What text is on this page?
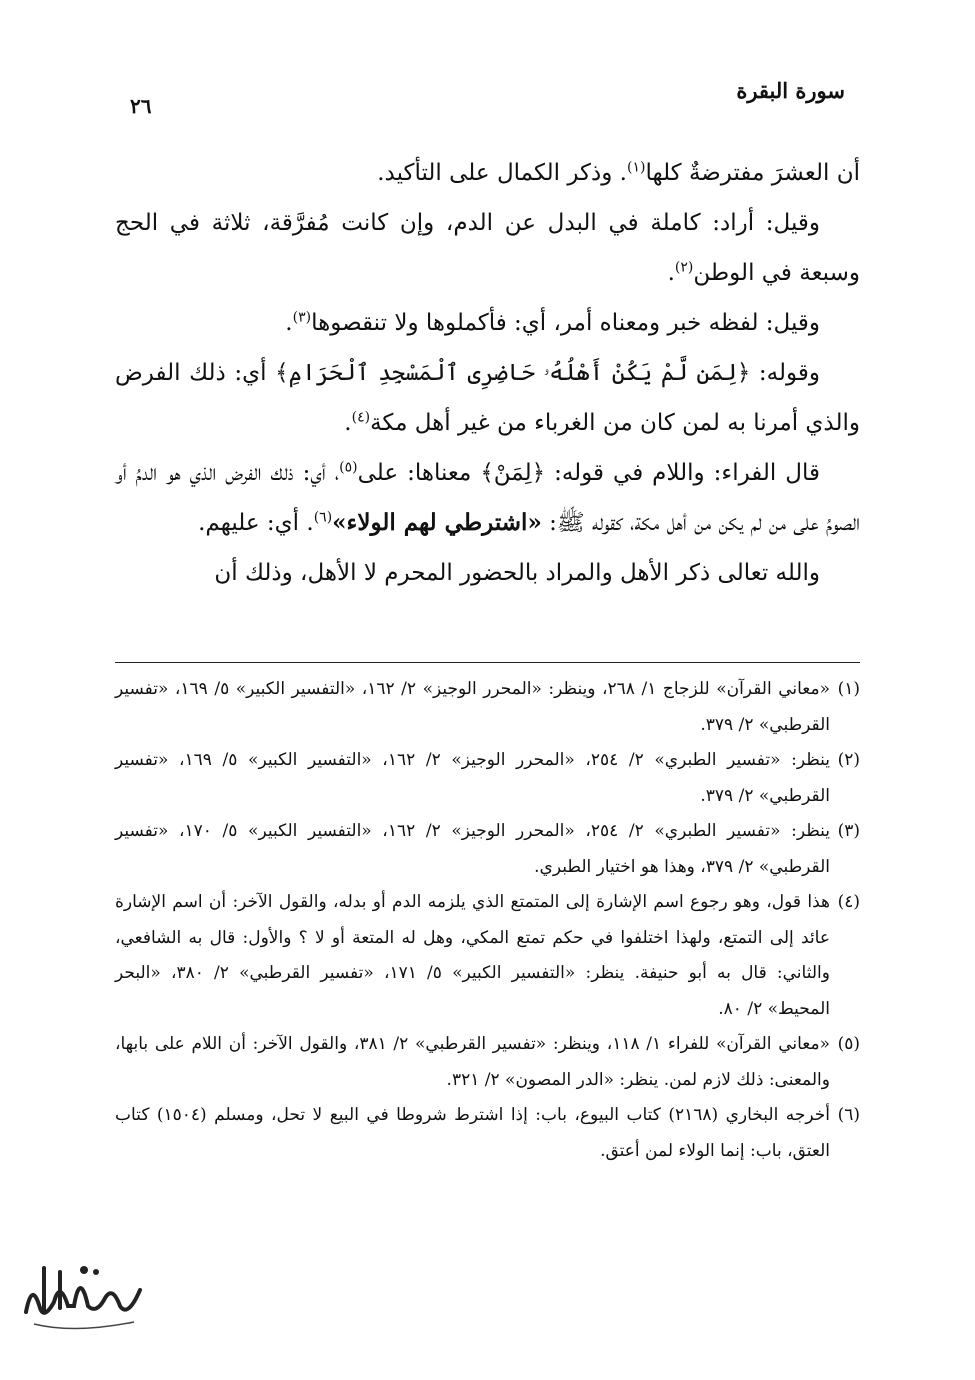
سورة البقرة
٢٦

أن العشرَ مفترضةٌ كلها$^{(١)}$. وذكر الكمال على التأكيد.

وقيل: أراد: كاملة في البدل عن الدم، وإن كانت مُفرَّقة، ثلاثة في الحج وسبعة في الوطن$^{(٢)}$.

وقيل: لفظه خبر ومعناه أمر، أي: فأكملوها ولا تنقصوها$^{(٣)}$.

وقوله: ﴿لِمَن لَّمْ يَكُنْ أَهْلُهُۥ حَاضِرِى ٱلْمَسْجِدِ ٱلْحَرَامِ﴾ أي: ذلك الفرض والذي أمرنا به لمن كان من الغرباء من غير أهل مكة$^{(٤)}$.

قال الفراء: واللام في قوله: ﴿لِمَنْ﴾ معناها: على$^{(٥)}$، أي: ذلك الفرض الذي هو الدمُ أو الصومُ على من لم يكن من أهل مكة، كقوله ﷺ: «اشترطي لهم الولاء»$^{(٦)}$. أي: عليهم.

والله تعالى ذكر الأهل والمراد بالحضور المحرم لا الأهل، وذلك أن

(١)
«معاني القرآن» للزجاج ١/ ٢٦٨، وينظر: «المحرر الوجيز» ٢/ ١٦٢، «التفسير الكبير» ٥/ ١٦٩، «تفسير القرطبي» ٢/ ٣٧٩.
(٢)
ينظر: «تفسير الطبري» ٢/ ٢٥٤، «المحرر الوجيز» ٢/ ١٦٢، «التفسير الكبير» ٥/ ١٦٩، «تفسير القرطبي» ٢/ ٣٧٩.
(٣)
ينظر: «تفسير الطبري» ٢/ ٢٥٤، «المحرر الوجيز» ٢/ ١٦٢، «التفسير الكبير» ٥/ ١٧٠، «تفسير القرطبي» ٢/ ٣٧٩، وهذا هو اختيار الطبري.
(٤)
هذا قول، وهو رجوع اسم الإشارة إلى المتمتع الذي يلزمه الدم أو بدله، والقول الآخر: أن اسم الإشارة عائد إلى التمتع، ولهذا اختلفوا في حكم تمتع المكي، وهل له المتعة أو لا ؟ والأول: قال به الشافعي، والثاني: قال به أبو حنيفة. ينظر: «التفسير الكبير» ٥/ ١٧١، «تفسير القرطبي» ٢/ ٣٨٠، «البحر المحيط» ٢/ ٨٠.
(٥)
«معاني القرآن» للفراء ١/ ١١٨، وينظر: «تفسير القرطبي» ٢/ ٣٨١، والقول الآخر: أن اللام على بابها، والمعنى: ذلك لازم لمن. ينظر: «الدر المصون» ٢/ ٣٢١.
(٦)
أخرجه البخاري (٢١٦٨) كتاب البيوع، باب: إذا اشترط شروطا في البيع لا تحل، ومسلم (١٥٠٤) كتاب العتق، باب: إنما الولاء لمن أعتق.
